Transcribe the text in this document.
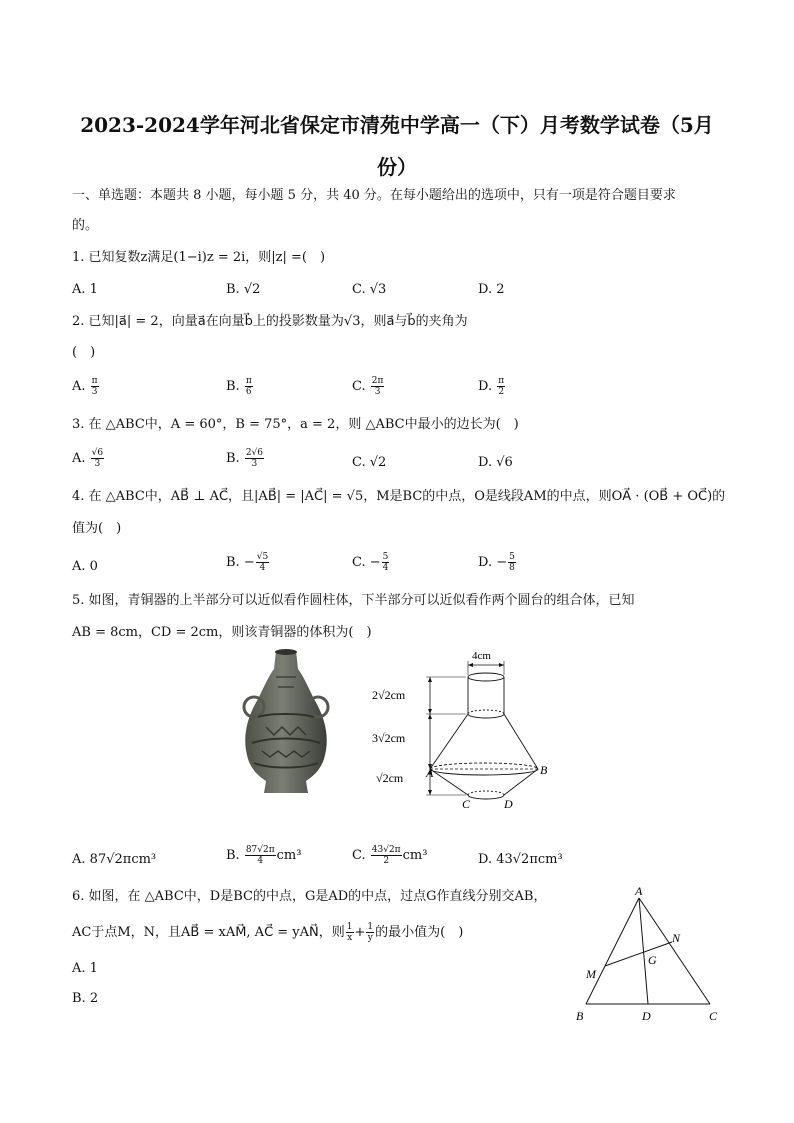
2023-2024学年河北省保定市清苑中学高一（下）月考数学试卷（5月
份）
一、单选题：本题共 8 小题，每小题 5 分，共 40 分。在每小题给出的选项中，只有一项是符合题目要求
的。
1. 已知复数z满足(1−i)z = 2i，则|z| =(　)
A. 1	B. √2	C. √3	D. 2
2. 已知|a⃗| = 2，向量a⃗在向量b⃗上的投影数量为√3，则a⃗与b⃗的夹角为
(　)
A. $\frac{\pi}{3}$	B. $\frac{\pi}{6}$	C. $\frac{2\pi}{3}$	D. $\frac{\pi}{2}$
3. 在 △ABC中，A = 60°，B = 75°，a = 2，则 △ABC中最小的边长为(　)
A. $\frac{√6}{3}$	B. $\frac{2√6}{3}$	C. √2	D. √6
4. 在 △ABC中，AB⃗ ⊥ AC⃗，且|AB⃗| = |AC⃗| = √5，M是BC的中点，O是线段AM的中点，则OA⃗ · (OB⃗ + OC⃗)的
值为(　)
A. 0	B. − $\frac{√5}{4}$	C. − $\frac{5}{4}$	D. − $\frac{5}{8}$
5. 如图，青铜器的上半部分可以近似看作圆柱体，下半部分可以近似看作两个圆台的组合体，已知
AB = 8cm，CD = 2cm，则该青铜器的体积为(　)
4cm
2√2cm
3√2cm
√2cm A	B
C	D
A. 87√2πcm³	B. $\frac{87√2\pi}{4} cm^3$	C. $\frac{43√2\pi}{2} cm^3$	D. 43√2πcm³
6. 如图，在 △ABC中，D是BC的中点，G是AD的中点，过点G作直线分别交AB，
AC于点M，N，且AB⃗ = xAM⃗, AC⃗ = yAN⃗，则 $\frac{1}{x} + \frac{1}{y}$ 的最小值为(　)
A. 1
B. 2
A
N
M
G
B	D	C
